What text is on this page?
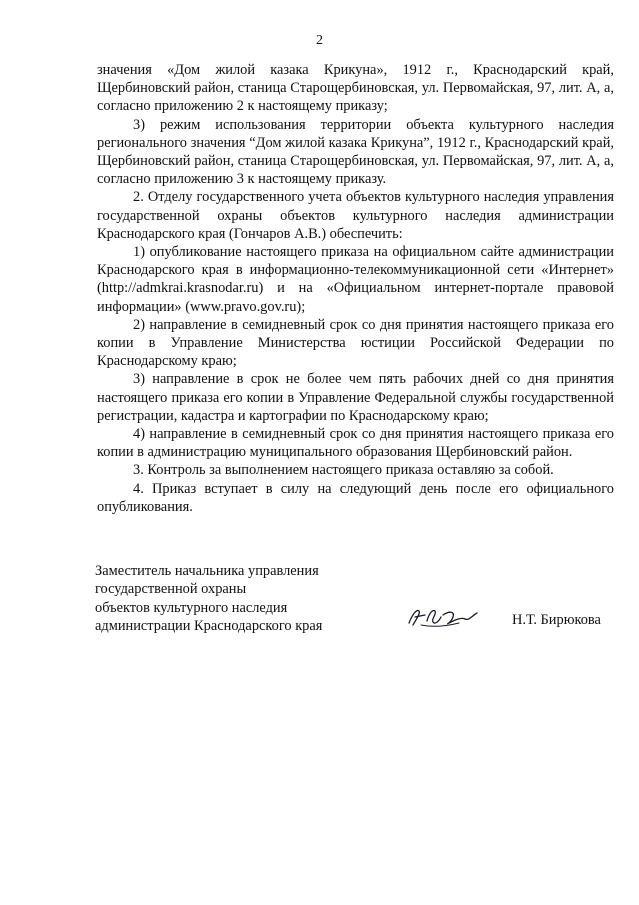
2

значения «Дом жилой казака Крикуна», 1912 г., Краснодарский край, Щербиновский район, станица Старощербиновская, ул. Первомайская, 97, лит. А, а, согласно приложению 2 к настоящему приказу;

3) режим использования территории объекта культурного наследия регионального значения “Дом жилой казака Крикуна”, 1912 г., Краснодарский край, Щербиновский район, станица Старощербиновская, ул. Первомайская, 97, лит. А, а, согласно приложению 3 к настоящему приказу.

2. Отделу государственного учета объектов культурного наследия управления государственной охраны объектов культурного наследия администрации Краснодарского края (Гончаров А.В.) обеспечить:

1) опубликование настоящего приказа на официальном сайте администрации Краснодарского края в информационно-телекоммуникационной сети «Интернет» (http://admkrai.krasnodar.ru) и на «Официальном интернет-портале правовой информации» (www.pravo.gov.ru);

2) направление в семидневный срок со дня принятия настоящего приказа его копии в Управление Министерства юстиции Российской Федерации по Краснодарскому краю;

3) направление в срок не более чем пять рабочих дней со дня принятия настоящего приказа его копии в Управление Федеральной службы государственной регистрации, кадастра и картографии по Краснодарскому краю;

4) направление в семидневный срок со дня принятия настоящего приказа его копии в администрацию муниципального образования Щербиновский район.

3. Контроль за выполнением настоящего приказа оставляю за собой.

4. Приказ вступает в силу на следующий день после его официального опубликования.

Заместитель начальника управления
государственной охраны
объектов культурного наследия
администрации Краснодарского края	Н.Т. Бирюкова
